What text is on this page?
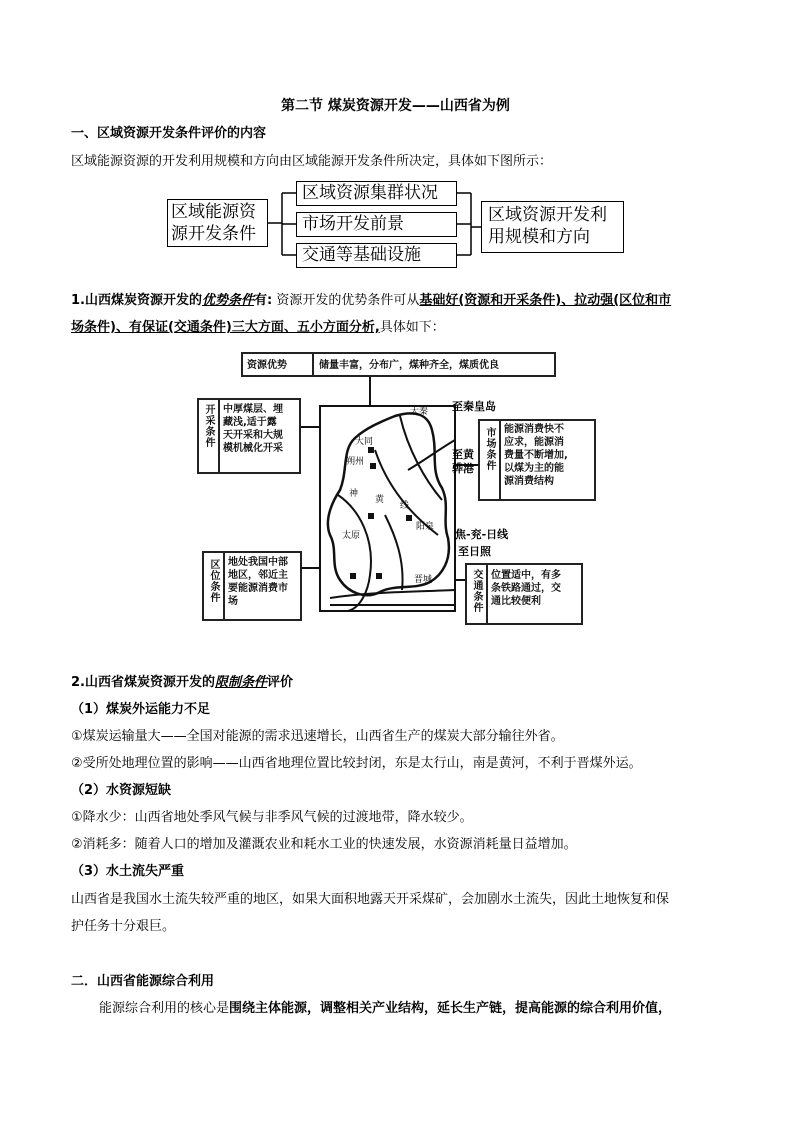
第二节 煤炭资源开发——山西省为例
一、区域资源开发条件评价的内容
区域能源资源的开发利用规模和方向由区域能源开发条件所决定，具体如下图所示：
区域能源资
源开发条件
区域资源集群状况
市场开发前景
交通等基础设施
区域资源开发利
用规模和方向
1.山西煤炭资源开发的优势条件有: 资源开发的优势条件可从基础好(资源和开采条件)、拉动强(区位和市
场条件)、有保证(交通条件)三大方面、五小方面分析,具体如下：
资源优势	储量丰富，分布广，煤种齐全，煤质优良
大同
朔州
大秦
神
黄
线
太原
阳泉
晋城
至秦皇岛
至黄骅港
焦-兖-日线
至日照
开采条件 中厚煤层、埋
藏浅,适于露
天开采和大规
模机械化开采	市场条件 能源消费快不
应求，能源消
费量不断增加,
以煤为主的能
源消费结构
区位条件 地处我国中部
地区，邻近主
要能源消费市
场	交通条件 位置适中，有多
条铁路通过，交
通比较便利
2.山西省煤炭资源开发的限制条件评价
（1）煤炭外运能力不足
①煤炭运输量大——全国对能源的需求迅速增长，山西省生产的煤炭大部分输往外省。
②受所处地理位置的影响——山西省地理位置比较封闭，东是太行山，南是黄河，不利于晋煤外运。
（2）水资源短缺
①降水少：山西省地处季风气候与非季风气候的过渡地带，降水较少。
②消耗多：随着人口的增加及灌溉农业和耗水工业的快速发展，水资源消耗量日益增加。
（3）水土流失严重
山西省是我国水土流失较严重的地区，如果大面积地露天开采煤矿，会加剧水土流失，因此土地恢复和保
护任务十分艰巨。
二．山西省能源综合利用
能源综合利用的核心是围绕主体能源，调整相关产业结构，延长生产链，提高能源的综合利用价值，
